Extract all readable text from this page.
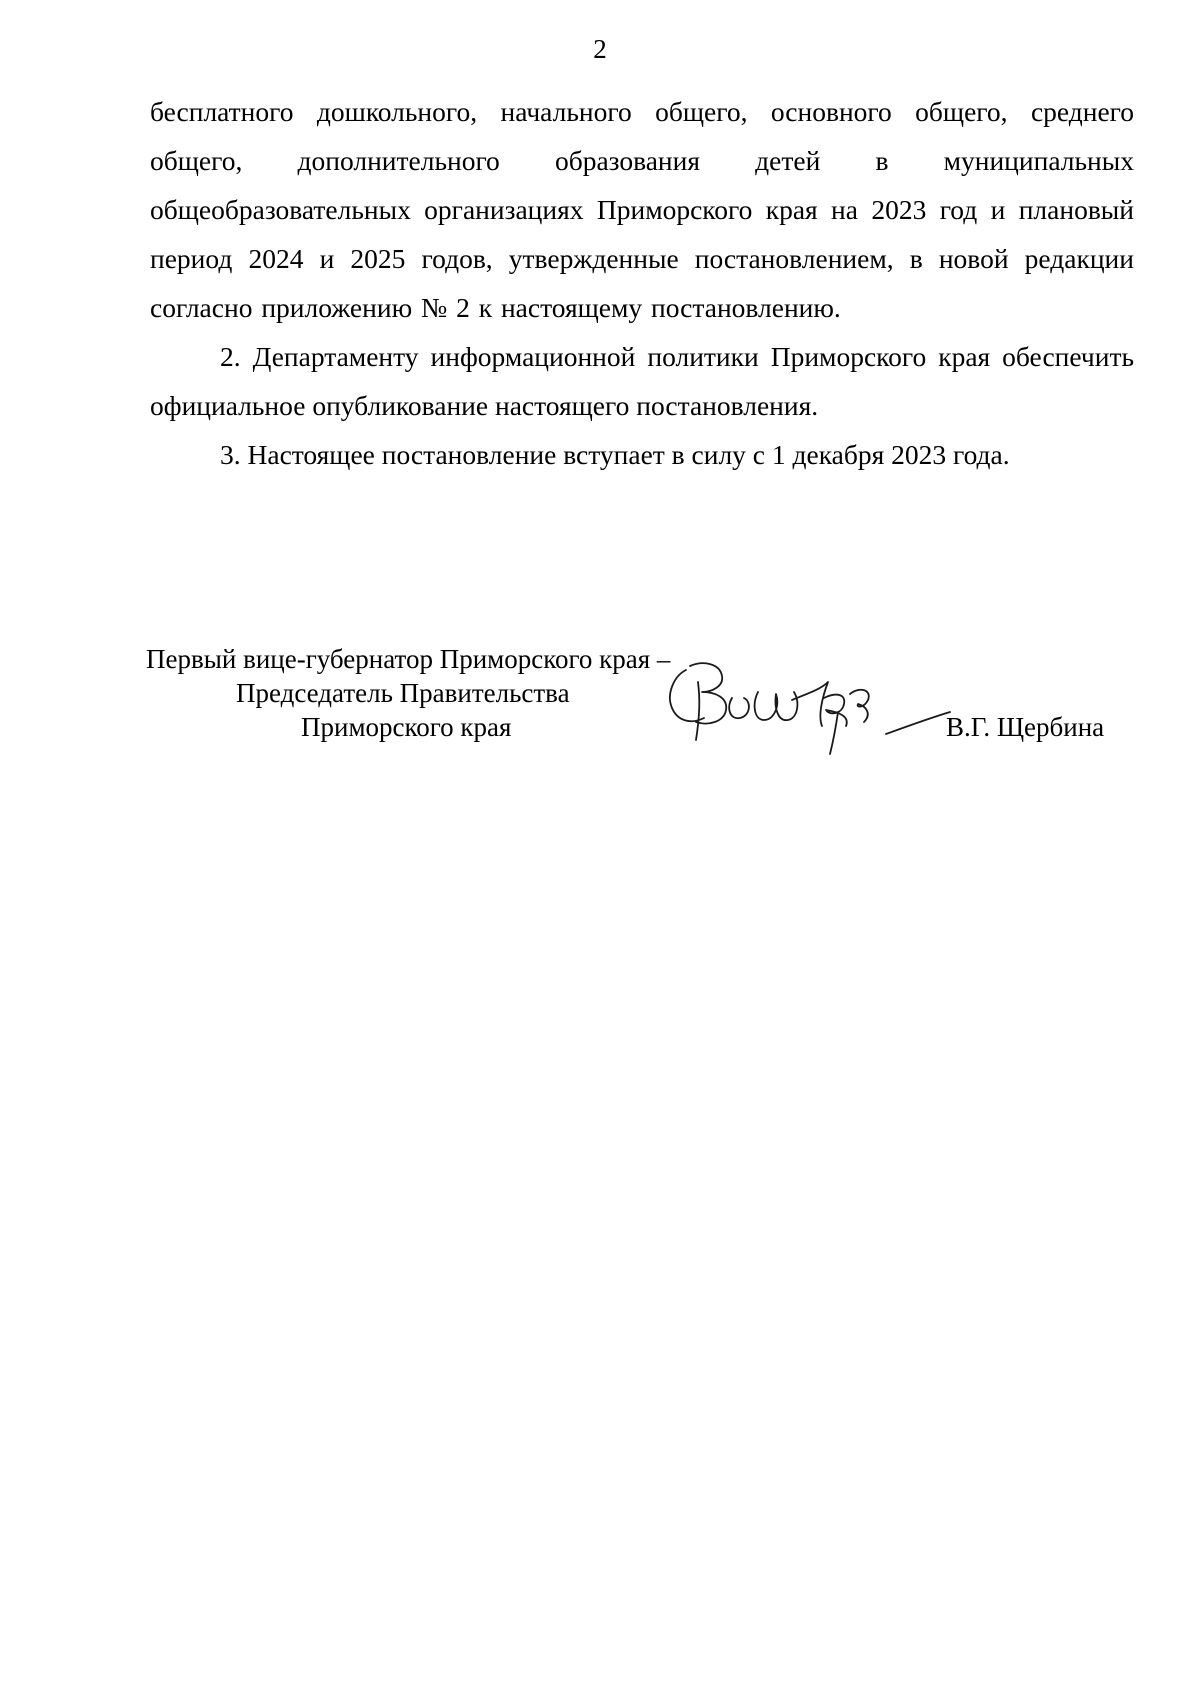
2

бесплатного дошкольного, начального общего, основного общего, среднего общего, дополнительного образования детей в муниципальных общеобразовательных организациях Приморского края на 2023 год и плановый период 2024 и 2025 годов, утвержденные постановлением, в новой редакции согласно приложению № 2 к настоящему постановлению.

2. Департаменту информационной политики Приморского края обеспечить официальное опубликование настоящего постановления.

3. Настоящее постановление вступает в силу с 1 декабря 2023 года.

Первый вице-губернатор Приморского края –
Председатель Правительства
Приморского края	В.Г. Щербина
